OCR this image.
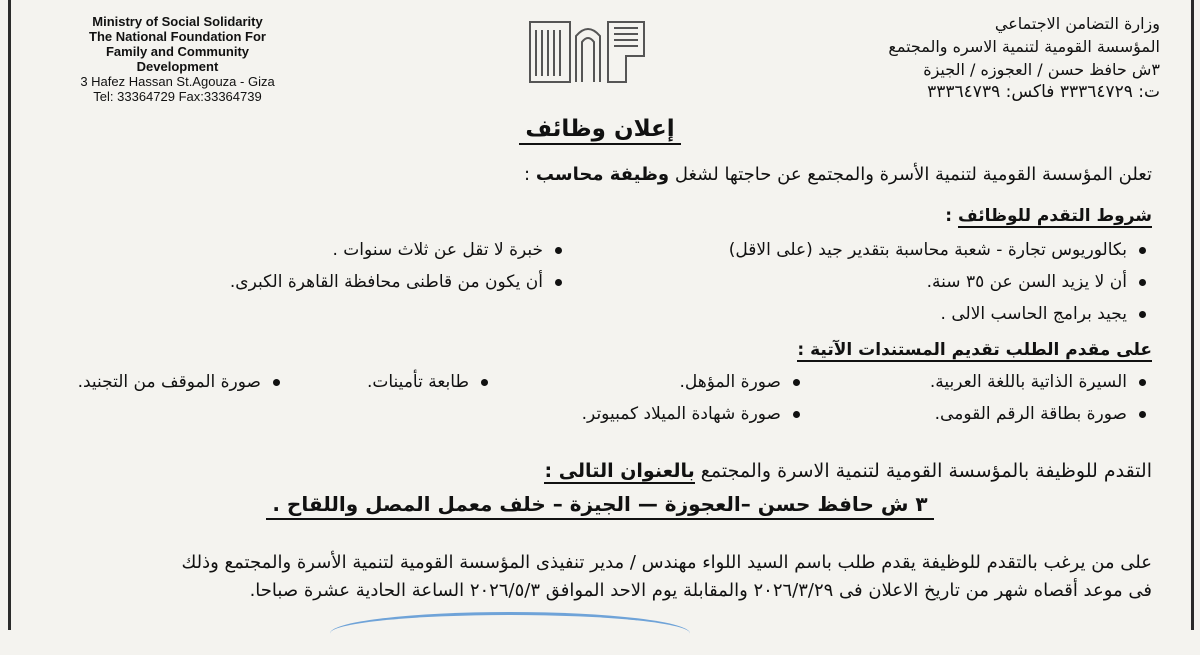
Ministry of Social Solidarity
The National Foundation For
Family and Community
Development
3 Hafez Hassan St.Agouza - Giza
Tel: 33364729 Fax:33364739
وزارة التضامن الاجتماعي
المؤسسة القومية لتنمية الاسره والمجتمع
٣ش حافظ حسن / العجوزه / الجيزة
ت: ٣٣٣٦٤٧٢٩ فاكس: ٣٣٣٦٤٧٣٩
إعلان وظائف
تعلن المؤسسة القومية لتنمية الأسرة والمجتمع عن حاجتها لشغل وظيفة محاسب :
شروط التقدم للوظائف :
بكالوريوس تجارة - شعبة محاسبة بتقدير جيد (على الاقل)
خبرة لا تقل عن ثلاث سنوات .
أن لا يزيد السن عن ٣٥ سنة.
أن يكون من قاطنى محافظة القاهرة الكبرى.
يجيد برامج الحاسب الالى .
على مقدم الطلب تقديم المستندات الآتية :
السيرة الذاتية باللغة العربية.
صورة المؤهل.
طابعة تأمينات.
صورة الموقف من التجنيد.
صورة بطاقة الرقم القومى.
صورة شهادة الميلاد كمبيوتر.
التقدم للوظيفة بالمؤسسة القومية لتنمية الاسرة والمجتمع بالعنوان التالى :
٣ ش حافظ حسن –العجوزة — الجيزة – خلف معمل المصل واللقاح .
على من يرغب بالتقدم للوظيفة يقدم طلب باسم السيد اللواء مهندس / مدير تنفيذى المؤسسة القومية لتنمية الأسرة والمجتمع وذلك
فى موعد أقصاه شهر من تاريخ الاعلان فى ٢٠٢٦/٣/٢٩ والمقابلة يوم الاحد الموافق ٢٠٢٦/٥/٣ الساعة الحادية عشرة صباحا.
